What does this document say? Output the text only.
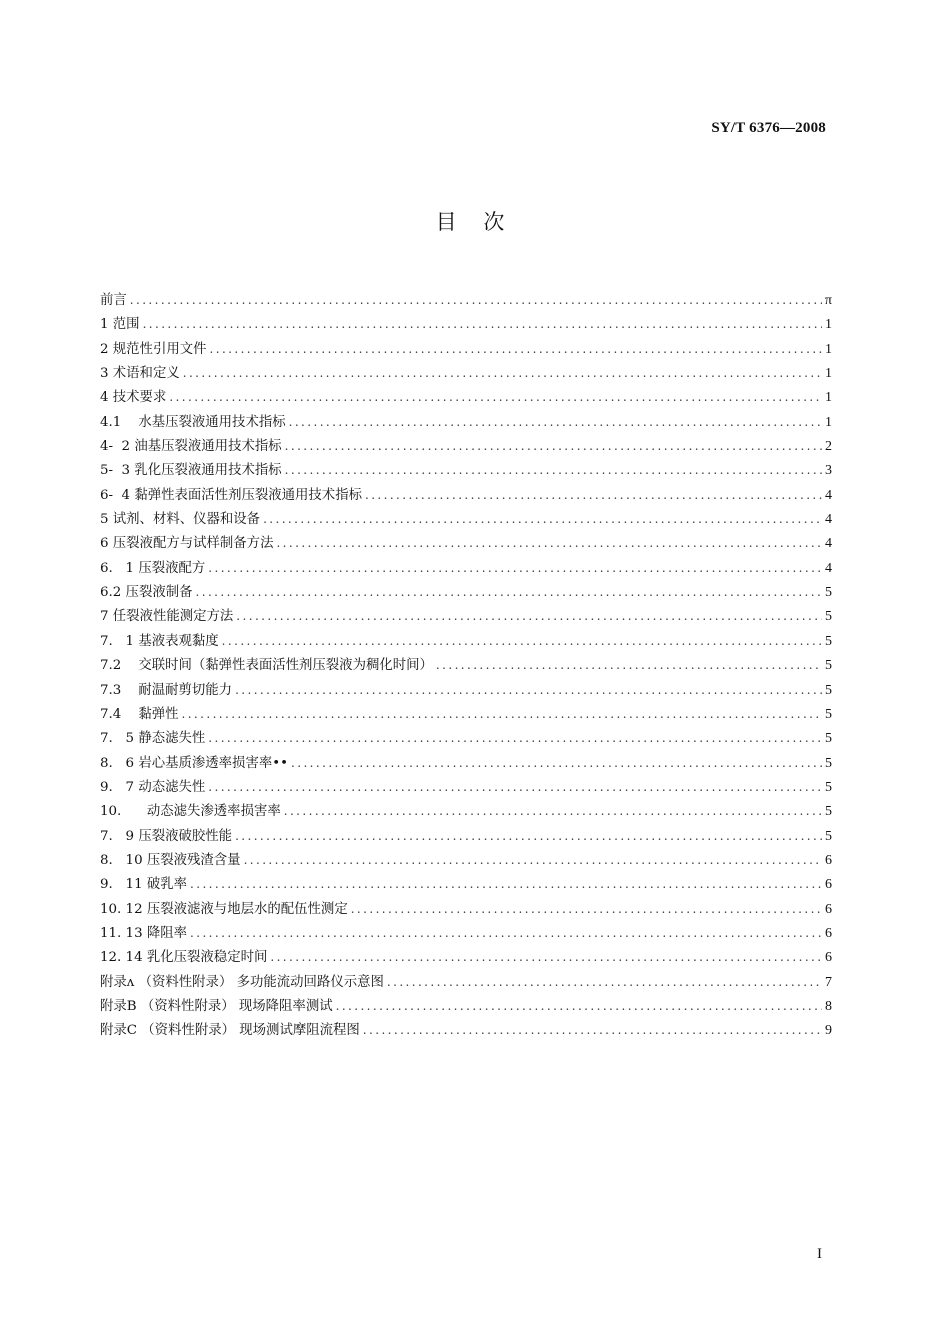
SY/T 6376—2008
目 次
前言 .....	π
1 范围 .....	1
2 规范性引用文件 .....	1
3 术语和定义 .....	1
4 技术要求 .....	1
4.1    水基压裂液通用技术指标 .....	1
4-  2 油基压裂液通用技术指标 .....	2
5-  3 乳化压裂液通用技术指标 .....	3
6-  4 黏弹性表面活性剂压裂液通用技术指标 .....	4
5 试剂、材料、仪器和设备 .....	4
6 压裂液配方与试样制备方法 .....	4
6.   1 压裂液配方 .....	4
6.2 压裂液制备 .....	5
7 任裂液性能测定方法 .....	5
7.   1 基液表观黏度 .....	5
7.2    交联时间（黏弹性表面活性剂压裂液为稠化时间） .....	5
7.3    耐温耐剪切能力 .....	5
7.4    黏弹性 .....	5
7.   5 静态滤失性 .....	5
8.   6 岩心基质渗透率损害率•• .....	5
9.   7 动态滤失性 .....	5
10.      动态滤失渗透率损害率 .....	5
7.   9 压裂液破胶性能 .....	5
8.   10 压裂液残渣含量 .....	6
9.   11 破乳率 .....	6
10. 12 压裂液滤液与地层水的配伍性测定 .....	6
11. 13 降阻率 .....	6
12. 14 乳化压裂液稳定时间 .....	6
附录ʌ （资料性附录） 多功能流动回路仪示意图 .....	7
附录B （资料性附录） 现场降阻率测试 .....	8
附录C （资料性附录） 现场测试摩阻流程图 .....	9
I
